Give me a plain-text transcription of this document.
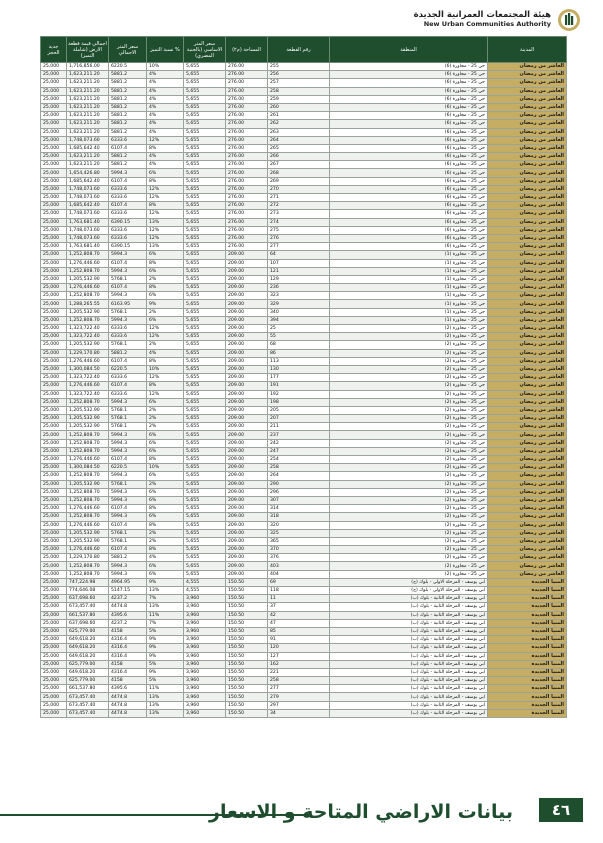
هيئة المجتمعات العمرانية الجديدة
New Urban Communities Authority
جدية الحجز	اجمالي قيمة قطعة الارض (شاملة التميز)	سعر المتر الاجمالي	نسبة التميز %	سعر المتر الاساسي (بالجنية المصري)	المساحة (م٢)	رقم القطعة	المنطقة	المدينة
25,000	1,716,856.00	6220.5	10%	5,655	276.00	255	حي 25 - مجاورة (6)	العاشر من رمضان
25,000	1,623,211.20	5881.2	4%	5,655	276.00	256	حي 25 - مجاورة (6)	العاشر من رمضان
25,000	1,623,211.20	5881.2	4%	5,655	276.00	257	حي 25 - مجاورة (6)	العاشر من رمضان
25,000	1,623,211.20	5881.2	4%	5,655	276.00	258	حي 25 - مجاورة (6)	العاشر من رمضان
25,000	1,623,211.20	5881.2	4%	5,655	276.00	259	حي 25 - مجاورة (6)	العاشر من رمضان
25,000	1,623,211.20	5881.2	4%	5,655	276.00	260	حي 25 - مجاورة (6)	العاشر من رمضان
25,000	1,623,211.20	5881.2	4%	5,655	276.00	261	حي 25 - مجاورة (6)	العاشر من رمضان
25,000	1,623,211.20	5881.2	4%	5,655	276.00	262	حي 25 - مجاورة (6)	العاشر من رمضان
25,000	1,623,211.20	5881.2	4%	5,655	276.00	263	حي 25 - مجاورة (6)	العاشر من رمضان
25,000	1,748,073.60	6333.6	12%	5,655	276.00	264	حي 25 - مجاورة (6)	العاشر من رمضان
25,000	1,685,642.40	6107.4	8%	5,655	276.00	265	حي 25 - مجاورة (6)	العاشر من رمضان
25,000	1,623,211.20	5881.2	4%	5,655	276.00	266	حي 25 - مجاورة (6)	العاشر من رمضان
25,000	1,623,211.20	5881.2	4%	5,655	276.00	267	حي 25 - مجاورة (6)	العاشر من رمضان
25,000	1,654,426.80	5994.3	6%	5,655	276.00	268	حي 25 - مجاورة (6)	العاشر من رمضان
25,000	1,685,642.40	6107.4	8%	5,655	276.00	269	حي 25 - مجاورة (6)	العاشر من رمضان
25,000	1,748,073.60	6333.6	12%	5,655	276.00	270	حي 25 - مجاورة (6)	العاشر من رمضان
25,000	1,748,073.60	6333.6	12%	5,655	276.00	271	حي 25 - مجاورة (6)	العاشر من رمضان
25,000	1,685,642.40	6107.4	8%	5,655	276.00	272	حي 25 - مجاورة (6)	العاشر من رمضان
25,000	1,748,073.60	6333.6	12%	5,655	276.00	273	حي 25 - مجاورة (6)	العاشر من رمضان
25,000	1,763,681.40	6390.15	13%	5,655	276.00	274	حي 25 - مجاورة (6)	العاشر من رمضان
25,000	1,748,073.60	6333.6	12%	5,655	276.00	275	حي 25 - مجاورة (6)	العاشر من رمضان
25,000	1,748,073.60	6333.6	12%	5,655	276.00	276	حي 25 - مجاورة (6)	العاشر من رمضان
25,000	1,763,681.40	6390.15	13%	5,655	276.00	277	حي 25 - مجاورة (6)	العاشر من رمضان
25,000	1,252,808.70	5994.3	6%	5,655	209.00	64	حي 25 - مجاورة (1)	العاشر من رمضان
25,000	1,276,446.60	6107.4	8%	5,655	209.00	107	حي 25 - مجاورة (1)	العاشر من رمضان
25,000	1,252,808.70	5994.3	6%	5,655	209.00	121	حي 25 - مجاورة (1)	العاشر من رمضان
25,000	1,205,532.90	5768.1	2%	5,655	209.00	129	حي 25 - مجاورة (1)	العاشر من رمضان
25,000	1,276,446.60	6107.4	8%	5,655	209.00	236	حي 25 - مجاورة (1)	العاشر من رمضان
25,000	1,252,808.70	5994.3	6%	5,655	209.00	323	حي 25 - مجاورة (1)	العاشر من رمضان
25,000	1,288,265.55	6163.95	9%	5,655	209.00	329	حي 25 - مجاورة (1)	العاشر من رمضان
25,000	1,205,532.90	5768.1	2%	5,655	209.00	340	حي 25 - مجاورة (1)	العاشر من رمضان
25,000	1,252,808.70	5994.3	6%	5,655	209.00	394	حي 25 - مجاورة (1)	العاشر من رمضان
25,000	1,323,722.40	6333.6	12%	5,655	209.00	25	حي 25 - مجاورة (2)	العاشر من رمضان
25,000	1,323,722.40	6333.6	12%	5,655	209.00	55	حي 25 - مجاورة (2)	العاشر من رمضان
25,000	1,205,532.90	5768.1	2%	5,655	209.00	68	حي 25 - مجاورة (2)	العاشر من رمضان
25,000	1,229,170.80	5881.2	4%	5,655	209.00	86	حي 25 - مجاورة (2)	العاشر من رمضان
25,000	1,276,446.60	6107.4	8%	5,655	209.00	113	حي 25 - مجاورة (2)	العاشر من رمضان
25,000	1,300,084.50	6220.5	10%	5,655	209.00	130	حي 25 - مجاورة (2)	العاشر من رمضان
25,000	1,323,722.40	6333.6	12%	5,655	209.00	177	حي 25 - مجاورة (2)	العاشر من رمضان
25,000	1,276,446.60	6107.4	8%	5,655	209.00	191	حي 25 - مجاورة (2)	العاشر من رمضان
25,000	1,323,722.40	6333.6	12%	5,655	209.00	192	حي 25 - مجاورة (2)	العاشر من رمضان
25,000	1,252,808.70	5994.3	6%	5,655	209.00	198	حي 25 - مجاورة (2)	العاشر من رمضان
25,000	1,205,532.90	5768.1	2%	5,655	209.00	205	حي 25 - مجاورة (2)	العاشر من رمضان
25,000	1,205,532.90	5768.1	2%	5,655	209.00	207	حي 25 - مجاورة (2)	العاشر من رمضان
25,000	1,205,532.90	5768.1	2%	5,655	209.00	211	حي 25 - مجاورة (2)	العاشر من رمضان
25,000	1,252,808.70	5994.3	6%	5,655	209.00	237	حي 25 - مجاورة (2)	العاشر من رمضان
25,000	1,252,808.70	5994.3	6%	5,655	209.00	242	حي 25 - مجاورة (2)	العاشر من رمضان
25,000	1,252,808.70	5994.3	6%	5,655	209.00	247	حي 25 - مجاورة (2)	العاشر من رمضان
25,000	1,276,446.60	6107.4	8%	5,655	209.00	254	حي 25 - مجاورة (2)	العاشر من رمضان
25,000	1,300,084.50	6220.5	10%	5,655	209.00	258	حي 25 - مجاورة (2)	العاشر من رمضان
25,000	1,252,808.70	5994.3	6%	5,655	209.00	264	حي 25 - مجاورة (2)	العاشر من رمضان
25,000	1,205,532.90	5768.1	2%	5,655	209.00	290	حي 25 - مجاورة (2)	العاشر من رمضان
25,000	1,252,808.70	5994.3	6%	5,655	209.00	296	حي 25 - مجاورة (2)	العاشر من رمضان
25,000	1,252,808.70	5994.3	6%	5,655	209.00	307	حي 25 - مجاورة (2)	العاشر من رمضان
25,000	1,276,446.60	6107.4	8%	5,655	209.00	314	حي 25 - مجاورة (2)	العاشر من رمضان
25,000	1,252,808.70	5994.3	6%	5,655	209.00	318	حي 25 - مجاورة (2)	العاشر من رمضان
25,000	1,276,446.60	6107.4	8%	5,655	209.00	320	حي 25 - مجاورة (2)	العاشر من رمضان
25,000	1,205,532.90	5768.1	2%	5,655	209.00	325	حي 25 - مجاورة (2)	العاشر من رمضان
25,000	1,205,532.90	5768.1	2%	5,655	209.00	365	حي 25 - مجاورة (2)	العاشر من رمضان
25,000	1,276,446.60	6107.4	8%	5,655	209.00	370	حي 25 - مجاورة (2)	العاشر من رمضان
25,000	1,229,170.80	5881.2	4%	5,655	209.00	376	حي 25 - مجاورة (2)	العاشر من رمضان
25,000	1,252,808.70	5994.3	6%	5,655	209.00	403	حي 25 - مجاورة (2)	العاشر من رمضان
25,000	1,252,808.70	5994.3	6%	5,655	209.00	404	حي 25 - مجاورة (2)	العاشر من رمضان
25,000	747,224.98	4964.95	9%	4,555	150.50	69	ابي يوسف - المرحلة الاولى - بلوك (ج)	المنيا الجديدة
25,000	774,646.08	5147.15	13%	4,555	150.50	118	ابي يوسف - المرحلة الاولى - بلوك (ج)	المنيا الجديدة
25,000	637,698.60	4237.2	7%	3,960	150.50	11	ابي يوسف - المرحلة الثانية - بلوك (ب)	المنيا الجديدة
25,000	673,457.40	4474.8	13%	3,960	150.50	37	ابي يوسف - المرحلة الثانية - بلوك (ب)	المنيا الجديدة
25,000	661,537.80	4395.6	11%	3,960	150.50	42	ابي يوسف - المرحلة الثانية - بلوك (ب)	المنيا الجديدة
25,000	637,698.60	4237.2	7%	3,960	150.50	47	ابي يوسف - المرحلة الثانية - بلوك (ب)	المنيا الجديدة
25,000	625,779.00	4158	5%	3,960	150.50	85	ابي يوسف - المرحلة الثانية - بلوك (ب)	المنيا الجديدة
25,000	649,618.20	4316.4	9%	3,960	150.50	91	ابي يوسف - المرحلة الثانية - بلوك (ب)	المنيا الجديدة
25,000	649,618.20	4316.4	9%	3,960	150.50	120	ابي يوسف - المرحلة الثانية - بلوك (ب)	المنيا الجديدة
25,000	649,618.20	4316.4	9%	3,960	150.50	127	ابي يوسف - المرحلة الثانية - بلوك (ب)	المنيا الجديدة
25,000	625,779.00	4158	5%	3,960	150.50	162	ابي يوسف - المرحلة الثانية - بلوك (ب)	المنيا الجديدة
25,000	649,618.20	4316.4	9%	3,960	150.50	221	ابي يوسف - المرحلة الثانية - بلوك (ب)	المنيا الجديدة
25,000	625,779.00	4158	5%	3,960	150.50	258	ابي يوسف - المرحلة الثانية - بلوك (ب)	المنيا الجديدة
25,000	661,537.80	4395.6	11%	3,960	150.50	277	ابي يوسف - المرحلة الثانية - بلوك (ب)	المنيا الجديدة
25,000	673,457.40	4474.8	13%	3,960	150.50	279	ابي يوسف - المرحلة الثانية - بلوك (ب)	المنيا الجديدة
25,000	673,457.40	4474.8	13%	3,960	150.50	297	ابي يوسف - المرحلة الثانية - بلوك (ب)	المنيا الجديدة
25,000	673,457.40	4474.8	13%	3,960	150.50	34	ابي يوسف - المرحلة الثانية - بلوك (ب)	المنيا الجديدة
بيانات الاراضي المتاحة و الاسعار	٤٦
